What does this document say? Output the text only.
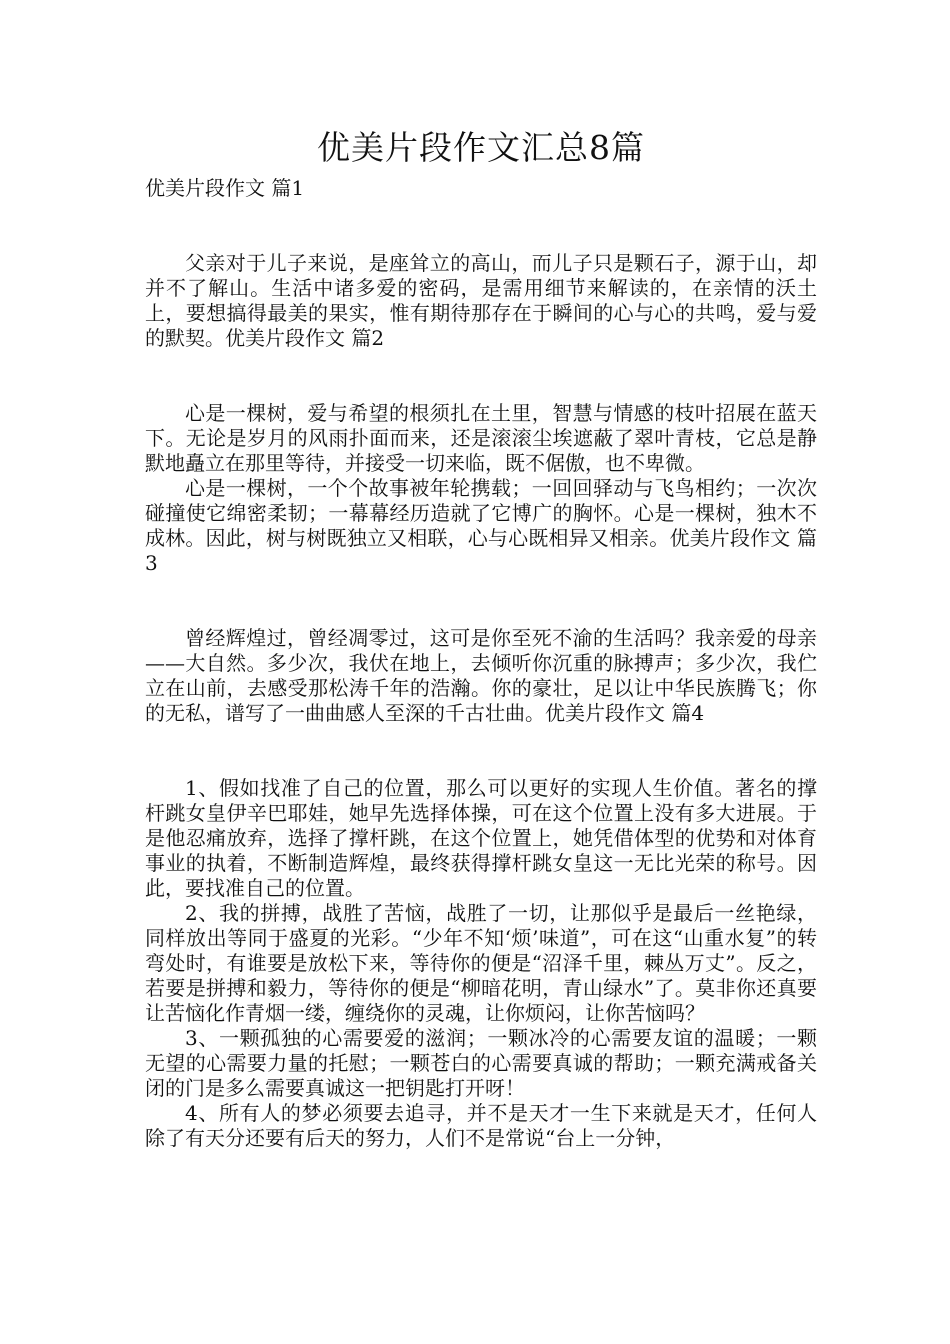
优美片段作文汇总8篇

优美片段作文 篇1

父亲对于儿子来说，是座耸立的高山，而儿子只是颗石子，源于山，却并不了解山。生活中诸多爱的密码，是需用细节来解读的，在亲情的沃土上，要想搞得最美的果实，惟有期待那存在于瞬间的心与心的共鸣，爱与爱的默契。优美片段作文 篇2

心是一棵树，爱与希望的根须扎在土里，智慧与情感的枝叶招展在蓝天下。无论是岁月的风雨扑面而来，还是滚滚尘埃遮蔽了翠叶青枝，它总是静默地矗立在那里等待，并接受一切来临，既不倨傲，也不卑微。

心是一棵树，一个个故事被年轮携载；一回回驿动与飞鸟相约；一次次碰撞使它绵密柔韧；一幕幕经历造就了它博广的胸怀。心是一棵树，独木不成林。因此，树与树既独立又相联，心与心既相异又相亲。优美片段作文 篇3

曾经辉煌过，曾经凋零过，这可是你至死不渝的生活吗？我亲爱的母亲——大自然。多少次，我伏在地上，去倾听你沉重的脉搏声；多少次，我伫立在山前，去感受那松涛千年的浩瀚。你的豪壮，足以让中华民族腾飞；你的无私，谱写了一曲曲感人至深的千古壮曲。优美片段作文 篇4

1、假如找准了自己的位置，那么可以更好的实现人生价值。著名的撑杆跳女皇伊辛巴耶娃，她早先选择体操，可在这个位置上没有多大进展。于是他忍痛放弃，选择了撑杆跳，在这个位置上，她凭借体型的优势和对体育事业的执着，不断制造辉煌，最终获得撑杆跳女皇这一无比光荣的称号。因此，要找准自己的位置。

2、我的拼搏，战胜了苦恼，战胜了一切，让那似乎是最后一丝艳绿，同样放出等同于盛夏的光彩。“少年不知‘烦’味道”，可在这“山重水复”的转弯处时，有谁要是放松下来，等待你的便是“沼泽千里，棘丛万丈”。反之，若要是拼搏和毅力，等待你的便是“柳暗花明，青山绿水”了。莫非你还真要让苦恼化作青烟一缕，缠绕你的灵魂，让你烦闷，让你苦恼吗？

3、一颗孤独的心需要爱的滋润；一颗冰冷的心需要友谊的温暖；一颗无望的心需要力量的托慰；一颗苍白的心需要真诚的帮助；一颗充满戒备关闭的门是多么需要真诚这一把钥匙打开呀！

4、所有人的梦必须要去追寻，并不是天才一生下来就是天才，任何人除了有天分还要有后天的努力，人们不是常说“台上一分钟，
